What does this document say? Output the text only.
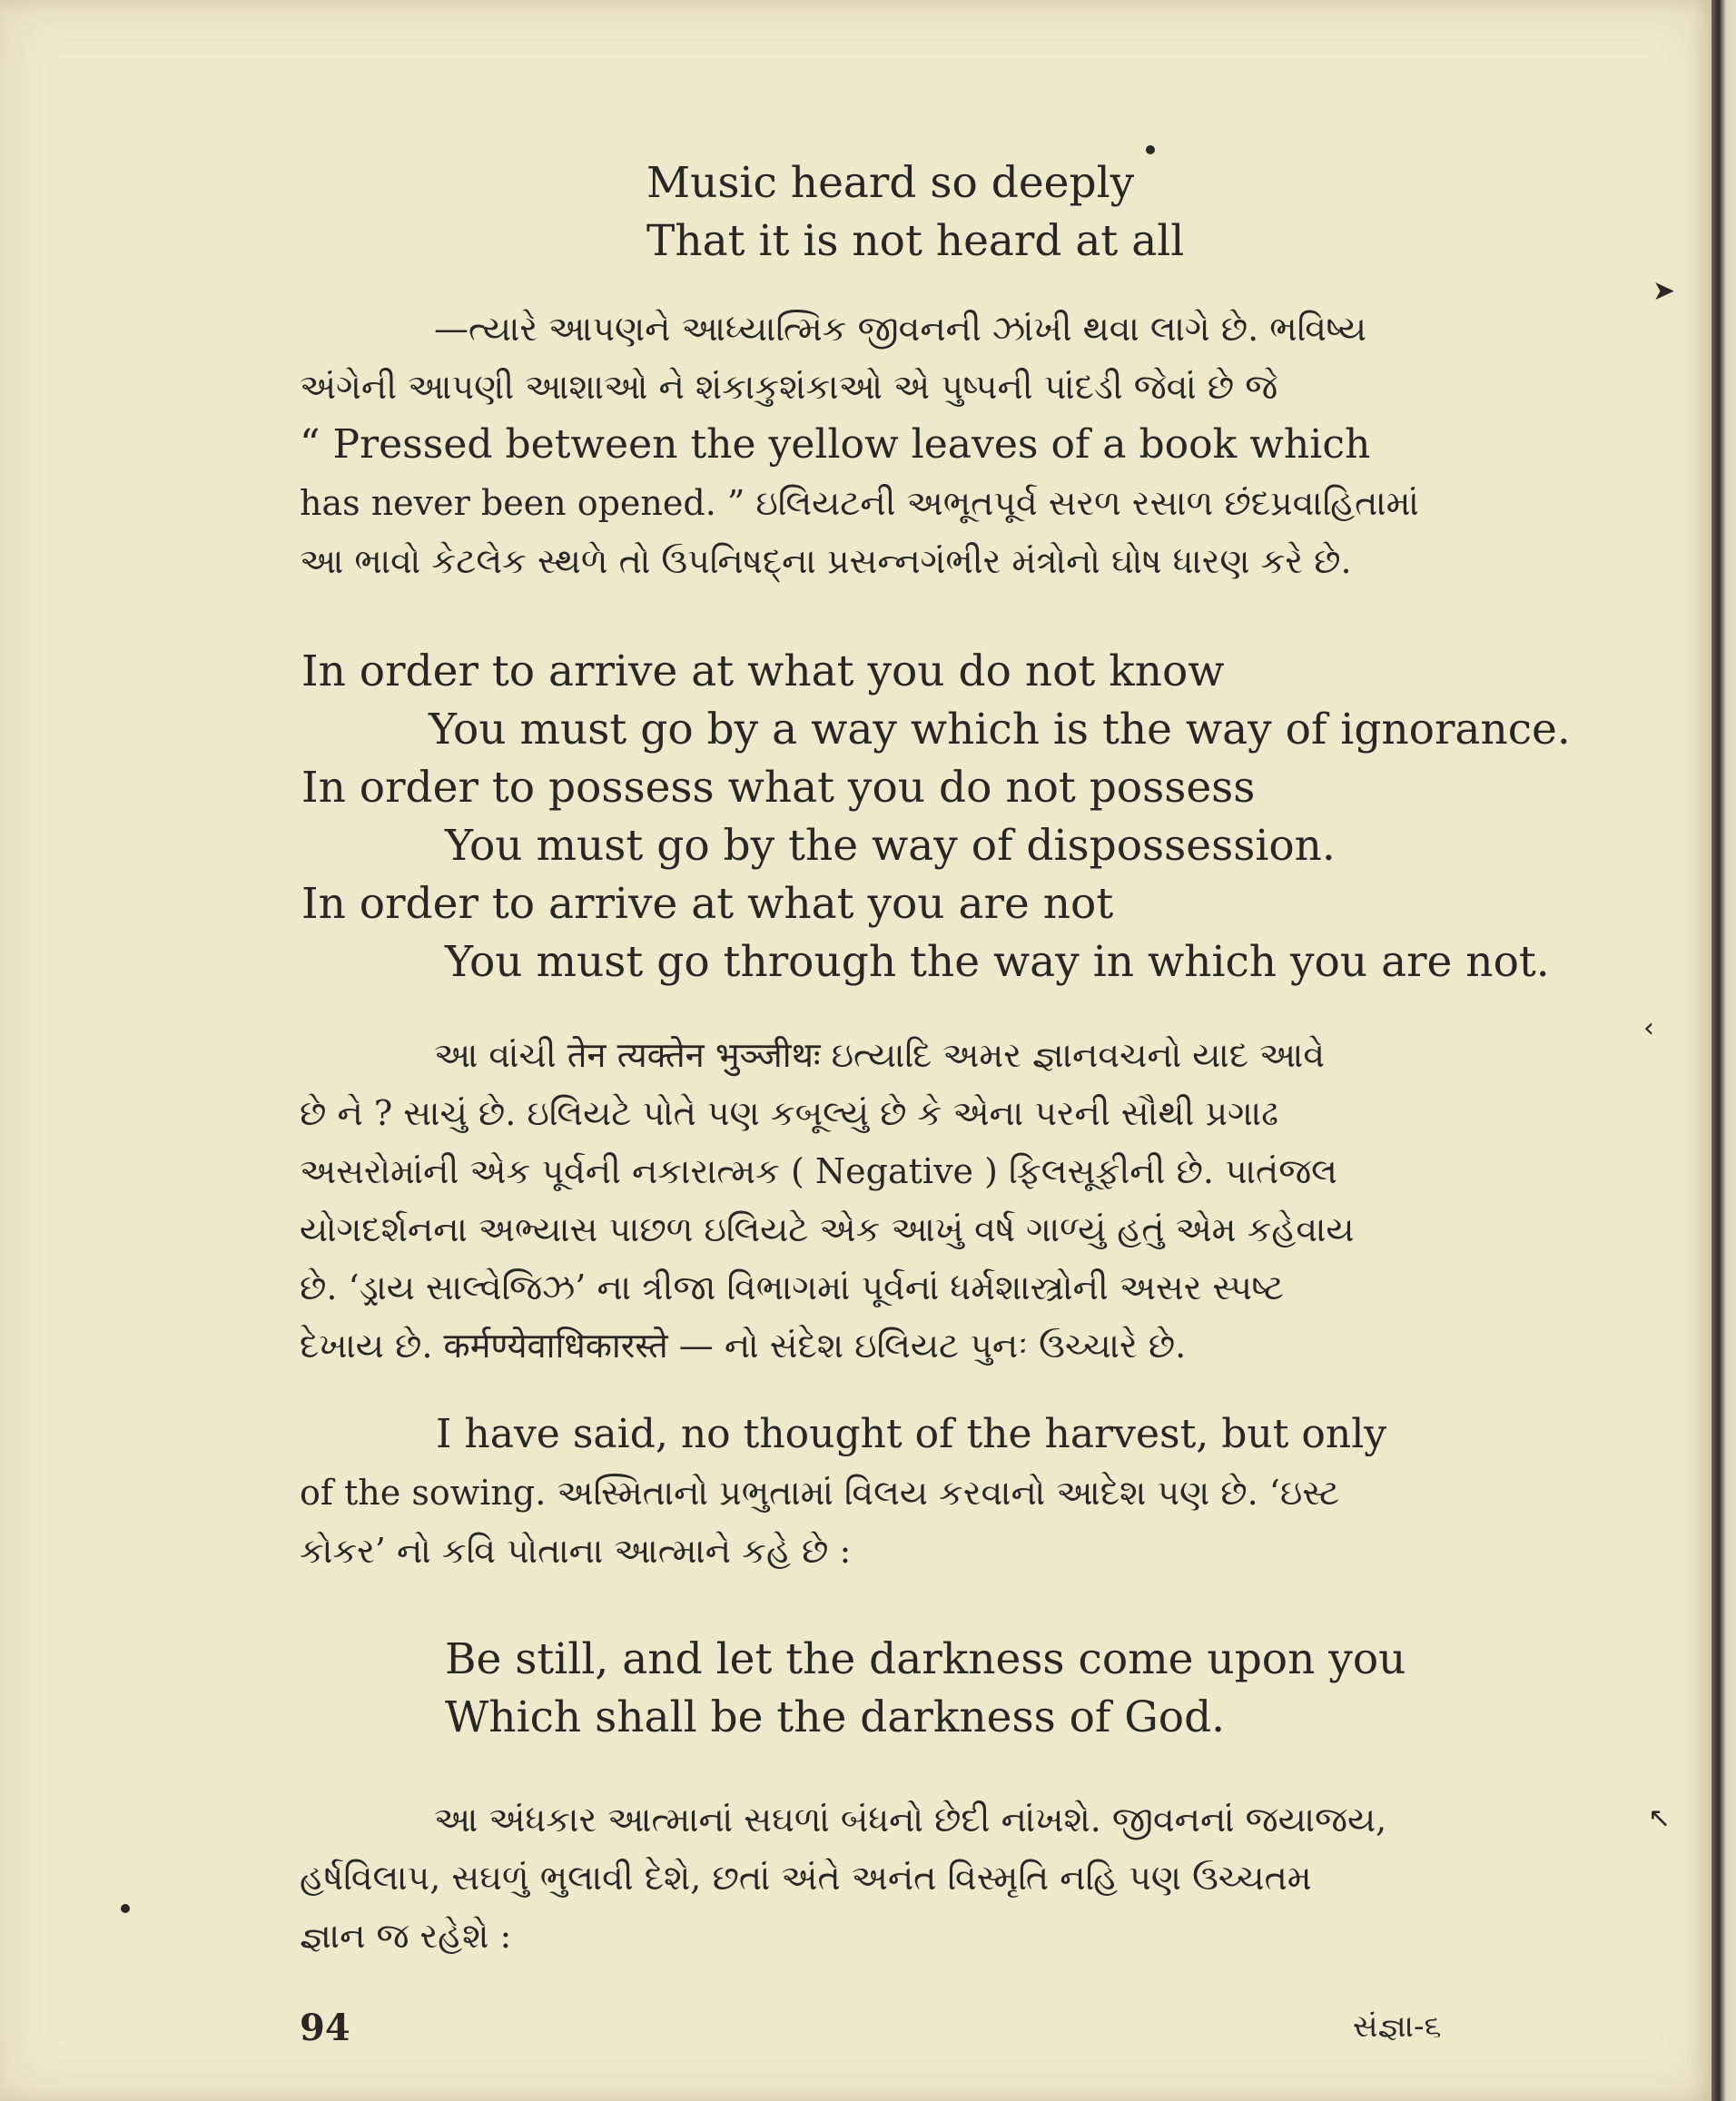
Music heard so deeply
That it is not heard at all
—ત્યારે આપણને આધ્યાત્મિક જીવનની ઝાંખી થવા લાગે છે. ભવિષ્ય
અંગેની આપણી આશાઓ ને શંકાકુશંકાઓ એ પુષ્પની પાંદડી જેવાં છે જે
“ Pressed between the yellow leaves of a book which
has never been opened. ” ઇલિયટની અભૂતપૂર્વ સરળ રસાળ છંદપ્રવાહિતામાં
આ ભાવો કેટલેક સ્થળે તો ઉપનિષદ્‌ના પ્રસન્નગંભીર મંત્રોનો ઘોષ ધારણ કરે છે.
In order to arrive at what you do not know
You must go by a way which is the way of ignorance.
In order to possess what you do not possess
You must go by the way of dispossession.
In order to arrive at what you are not
You must go through the way in which you are not.
આ વાંચી तेन त्यक्तेन भुञ्जीथः ઇત્યાદિ અમર જ્ઞાનવચનો યાદ આવે
છે ને ? સાચું છે. ઇલિયટે પોતે પણ કબૂલ્યું છે કે એના પરની સૌથી પ્રગાઢ
અસરોમાંની એક પૂર્વની નકારાત્મક ( Negative ) ફિલસૂફીની છે. પાતંજલ
યોગદર્શનના અભ્યાસ પાછળ ઇલિયટે એક આખું વર્ષ ગાળ્યું હતું એમ કહેવાય
છે. ‘ડ્રાય સાલ્વેજિઝ’ ના ત્રીજા વિભાગમાં પૂર્વનાં ધર્મશાસ્ત્રોની અસર સ્પષ્ટ
દેખાય છે. कर्मण्येवाधिकारस्ते — નો સંદેશ ઇલિયટ પુનઃ ઉચ્ચારે છે.
I have said, no thought of the harvest, but only
of the sowing. અસ્મિતાનો પ્રભુતામાં વિલય કરવાનો આદેશ પણ છે. ‘ઇસ્ટ
કોકર’ નો કવિ પોતાના આત્માને કહે છે :
Be still, and let the darkness come upon you
Which shall be the darkness of God.
આ અંધકાર આત્માનાં સઘળાં બંધનો છેદી નાંખશે. જીવનનાં જયાજય,
હર્ષવિલાપ, સઘળું ભુલાવી દેશે, છતાં અંતે અનંત વિસ્મૃતિ નહિ પણ ઉચ્ચતમ
જ્ઞાન જ રહેશે :
94	સંજ્ઞા-૬
➤
‹
↖
